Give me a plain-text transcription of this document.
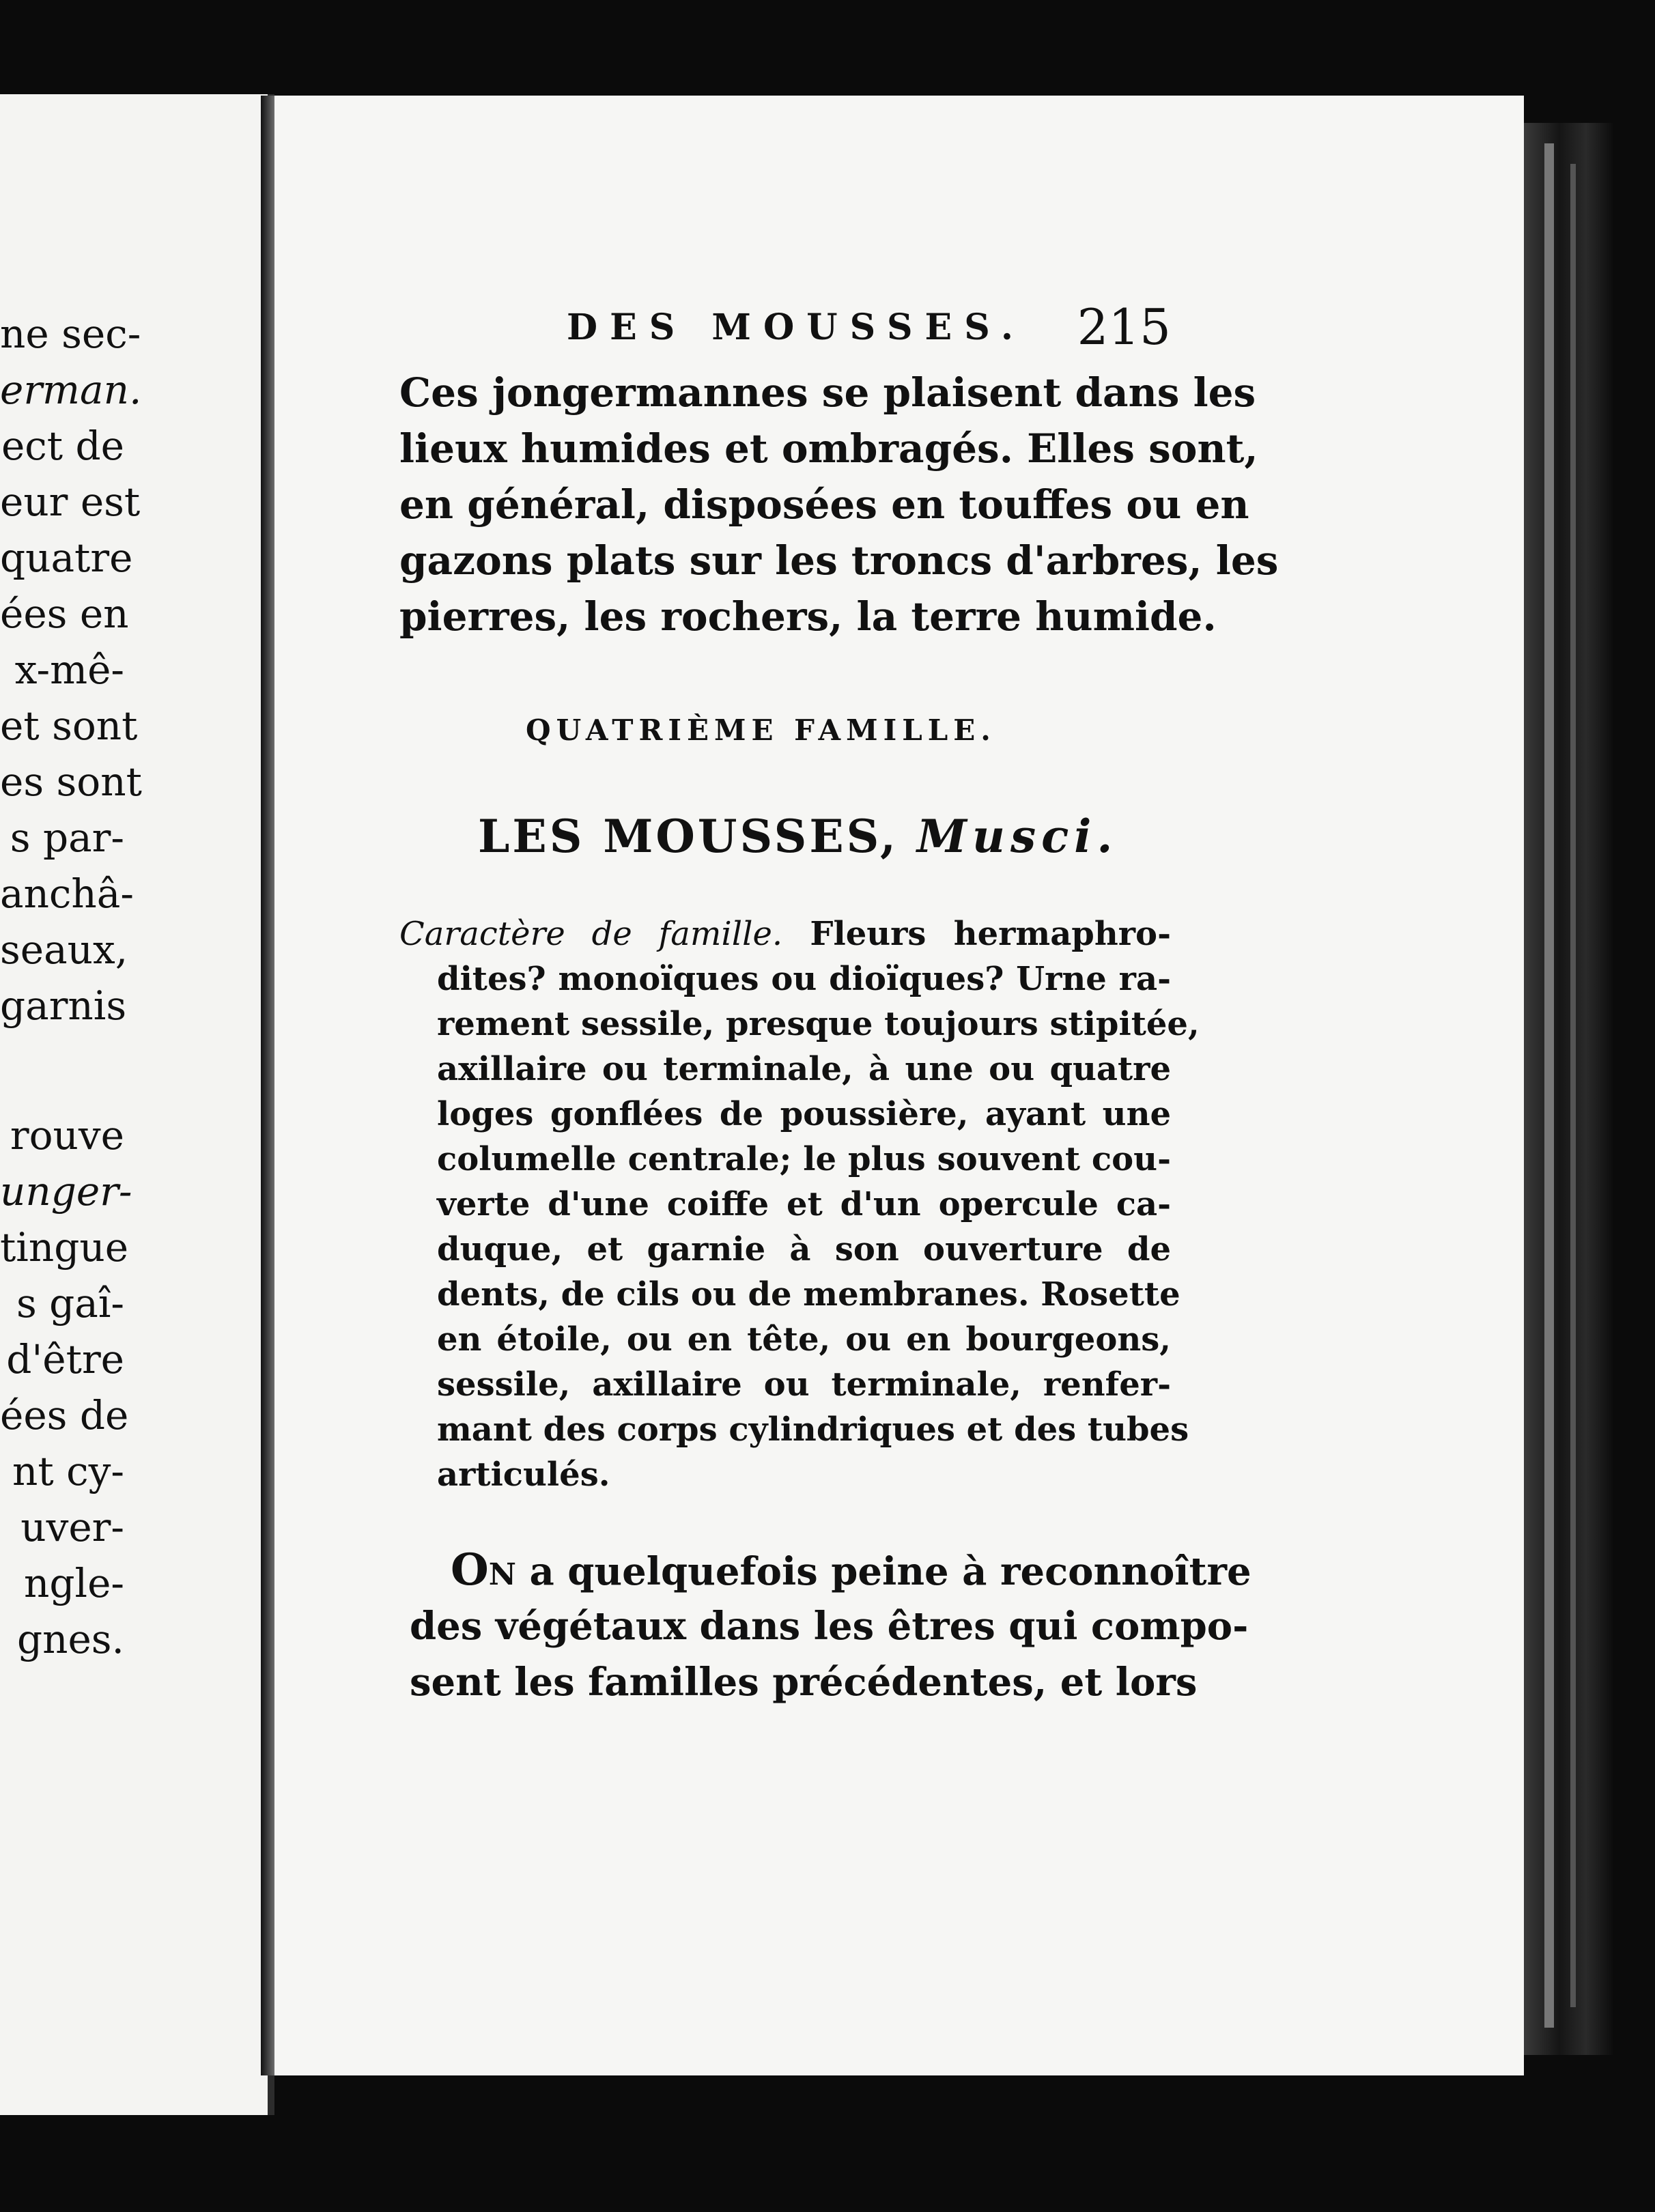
ne sec-
erman.
ect de
eur est
quatre
ées en
x-mê-
et sont
es sont
s par-
anchâ-
seaux,
garnis
rouve
unger-
tingue
s gaî-
d'être
ées de
nt cy-
uver-
ngle-
gnes.
DES MOUSSES. 215
Ces jongermannes se plaisent dans les
lieux humides et ombragés. Elles sont,
en général, disposées en touffes ou en
gazons plats sur les troncs d'arbres, les
pierres, les rochers, la terre humide.
QUATRIÈME FAMILLE.
LES MOUSSES, Musci.
Caractère de famille. Fleurs hermaphro-
dites? monoïques ou dioïques? Urne ra-
rement sessile, presque toujours stipitée,
axillaire ou terminale, à une ou quatre
loges gonflées de poussière, ayant une
columelle centrale; le plus souvent cou-
verte d'une coiffe et d'un opercule ca-
duque, et garnie à son ouverture de
dents, de cils ou de membranes. Rosette
en étoile, ou en tête, ou en bourgeons,
sessile, axillaire ou terminale, renfer-
mant des corps cylindriques et des tubes
articulés.
ON a quelquefois peine à reconnoître
des végétaux dans les êtres qui compo-
sent les familles précédentes, et lors
